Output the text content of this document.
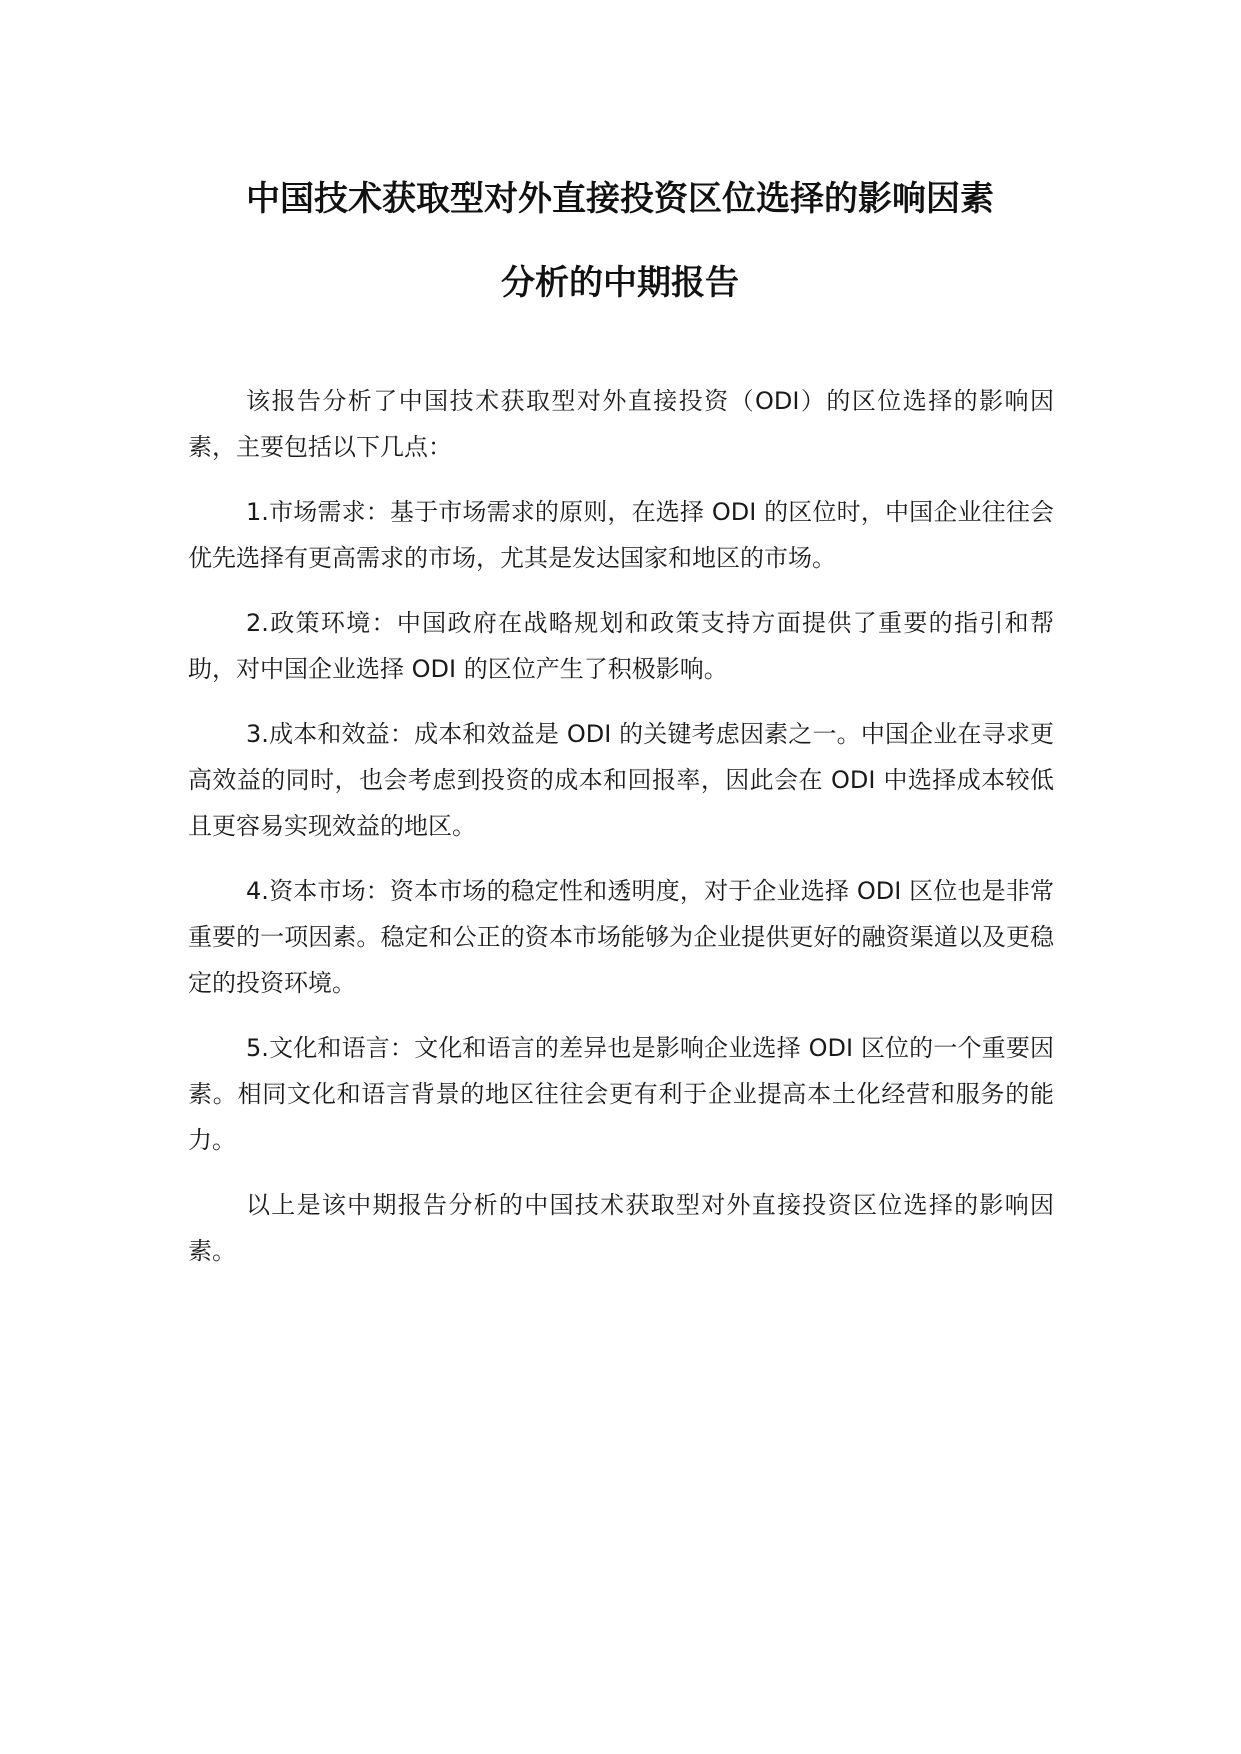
中国技术获取型对外直接投资区位选择的影响因素
分析的中期报告

该报告分析了中国技术获取型对外直接投资（ODI）的区位选择的影响因素，主要包括以下几点：

1.市场需求：基于市场需求的原则，在选择 ODI 的区位时，中国企业往往会优先选择有更高需求的市场，尤其是发达国家和地区的市场。

2.政策环境：中国政府在战略规划和政策支持方面提供了重要的指引和帮助，对中国企业选择 ODI 的区位产生了积极影响。

3.成本和效益：成本和效益是 ODI 的关键考虑因素之一。中国企业在寻求更高效益的同时，也会考虑到投资的成本和回报率，因此会在 ODI 中选择成本较低且更容易实现效益的地区。

4.资本市场：资本市场的稳定性和透明度，对于企业选择 ODI 区位也是非常重要的一项因素。稳定和公正的资本市场能够为企业提供更好的融资渠道以及更稳定的投资环境。

5.文化和语言：文化和语言的差异也是影响企业选择 ODI 区位的一个重要因素。相同文化和语言背景的地区往往会更有利于企业提高本土化经营和服务的能力。

以上是该中期报告分析的中国技术获取型对外直接投资区位选择的影响因素。
